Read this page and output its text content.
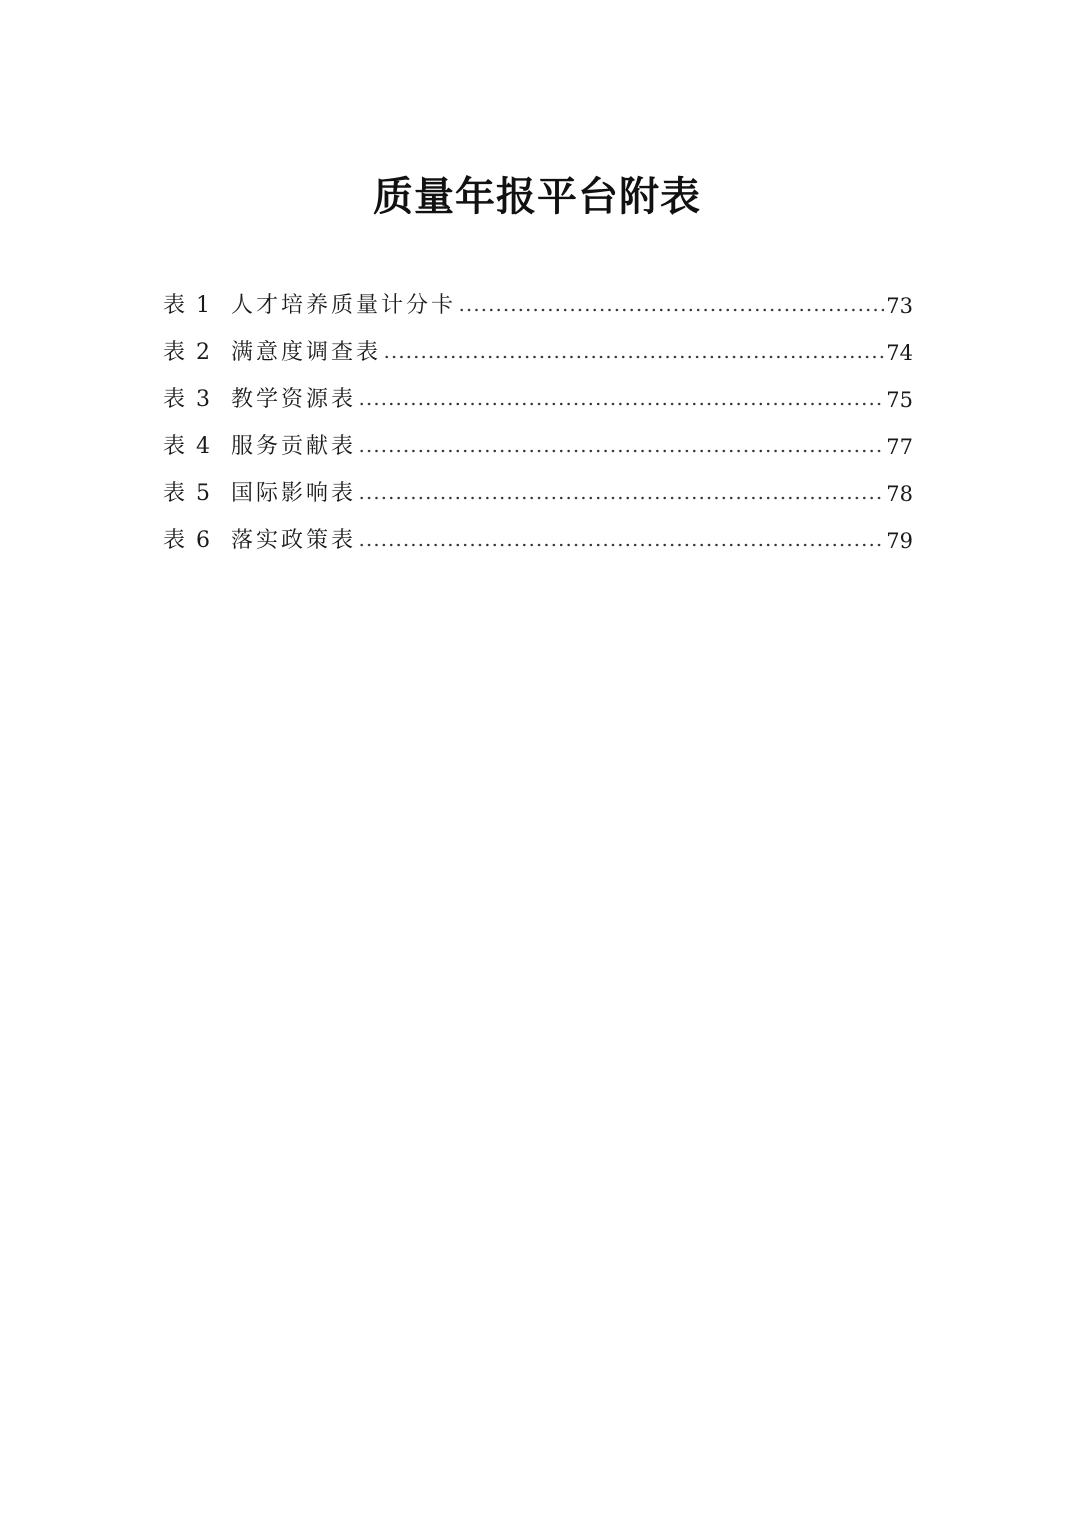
质量年报平台附表
表 1 人才培养质量计分卡	73
表 2 满意度调查表	74
表 3 教学资源表	75
表 4 服务贡献表	77
表 5 国际影响表	78
表 6 落实政策表	79
